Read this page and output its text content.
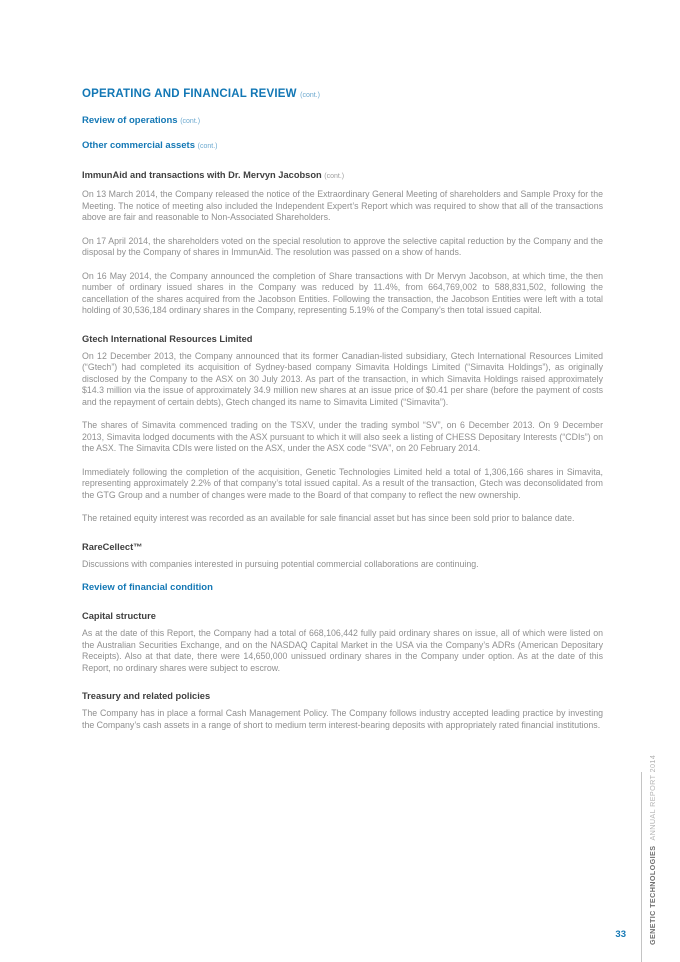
OPERATING AND FINANCIAL REVIEW (cont.)
Review of operations (cont.)
Other commercial assets (cont.)
ImmunAid and transactions with Dr. Mervyn Jacobson (cont.)

On 13 March 2014, the Company released the notice of the Extraordinary General Meeting of shareholders and Sample Proxy for the Meeting. The notice of meeting also included the Independent Expert’s Report which was required to show that all of the transactions above are fair and reasonable to Non-Associated Shareholders.

On 17 April 2014, the shareholders voted on the special resolution to approve the selective capital reduction by the Company and the disposal by the Company of shares in ImmunAid. The resolution was passed on a show of hands.

On 16 May 2014, the Company announced the completion of Share transactions with Dr Mervyn Jacobson, at which time, the then number of ordinary issued shares in the Company was reduced by 11.4%, from 664,769,002 to 588,831,502, following the cancellation of the shares acquired from the Jacobson Entities. Following the transaction, the Jacobson Entities were left with a total holding of 30,536,184 ordinary shares in the Company, representing 5.19% of the Company’s then total issued capital.

Gtech International Resources Limited

On 12 December 2013, the Company announced that its former Canadian-listed subsidiary, Gtech International Resources Limited (“Gtech”) had completed its acquisition of Sydney-based company Simavita Holdings Limited (“Simavita Holdings”), as originally disclosed by the Company to the ASX on 30 July 2013. As part of the transaction, in which Simavita Holdings raised approximately $14.3 million via the issue of approximately 34.9 million new shares at an issue price of $0.41 per share (before the payment of costs and the repayment of certain debts), Gtech changed its name to Simavita Limited (“Simavita”).

The shares of Simavita commenced trading on the TSXV, under the trading symbol “SV”, on 6 December 2013. On 9 December 2013, Simavita lodged documents with the ASX pursuant to which it will also seek a listing of CHESS Depositary Interests (“CDIs”) on the ASX. The Simavita CDIs were listed on the ASX, under the ASX code “SVA”, on 20 February 2014.

Immediately following the completion of the acquisition, Genetic Technologies Limited held a total of 1,306,166 shares in Simavita, representing approximately 2.2% of that company’s total issued capital. As a result of the transaction, Gtech was deconsolidated from the GTG Group and a number of changes were made to the Board of that company to reflect the new ownership.

The retained equity interest was recorded as an available for sale financial asset but has since been sold prior to balance date.

RareCellect™

Discussions with companies interested in pursuing potential commercial collaborations are continuing.

Review of financial condition
Capital structure

As at the date of this Report, the Company had a total of 668,106,442 fully paid ordinary shares on issue, all of which were listed on the Australian Securities Exchange, and on the NASDAQ Capital Market in the USA via the Company’s ADRs (American Depositary Receipts). Also at that date, there were 14,650,000 unissued ordinary shares in the Company under option. As at the date of this Report, no ordinary shares were subject to escrow.

Treasury and related policies

The Company has in place a formal Cash Management Policy. The Company follows industry accepted leading practice by investing the Company’s cash assets in a range of short to medium term interest-bearing deposits with appropriately rated financial institutions.

GENETIC TECHNOLOGIESANNUAL REPORT 2014
33
